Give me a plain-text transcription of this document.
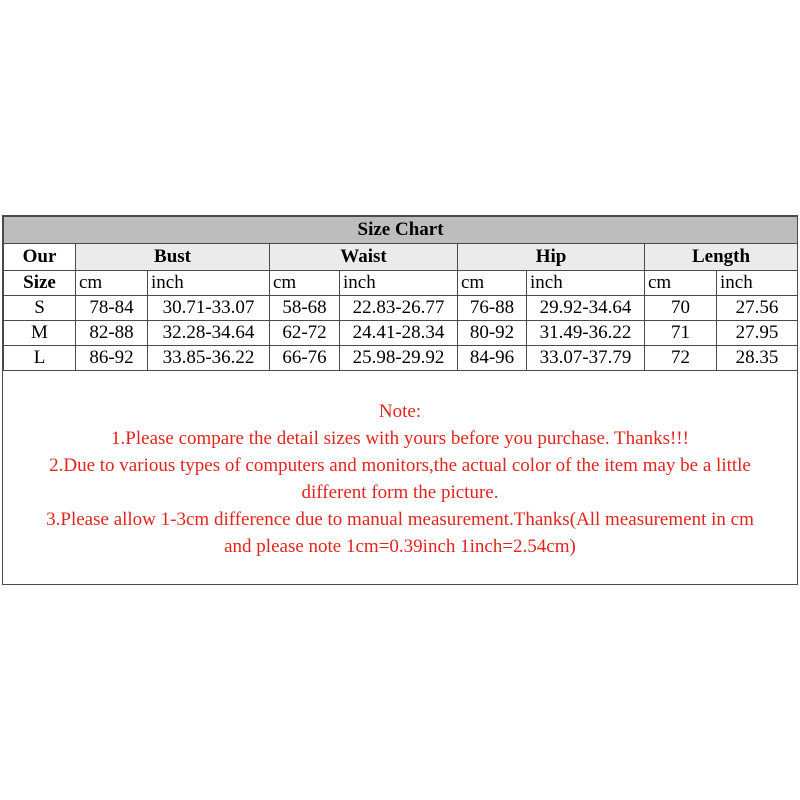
Size Chart								
Our	Bust		Waist		Hip		Length	
Size	cm	inch	cm	inch	cm	inch	cm	inch
S	78-84	30.71-33.07	58-68	22.83-26.77	76-88	29.92-34.64	70	27.56
M	82-88	32.28-34.64	62-72	24.41-28.34	80-92	31.49-36.22	71	27.95
L	86-92	33.85-36.22	66-76	25.98-29.92	84-96	33.07-37.79	72	28.35
Note:
1.Please compare the detail sizes with yours before you purchase. Thanks!!!
2.Due to various types of computers and monitors,the actual color of the item may be a little
different form the picture.
3.Please allow 1-3cm difference due to manual measurement.Thanks(All measurement in cm
and please note 1cm=0.39inch 1inch=2.54cm)
